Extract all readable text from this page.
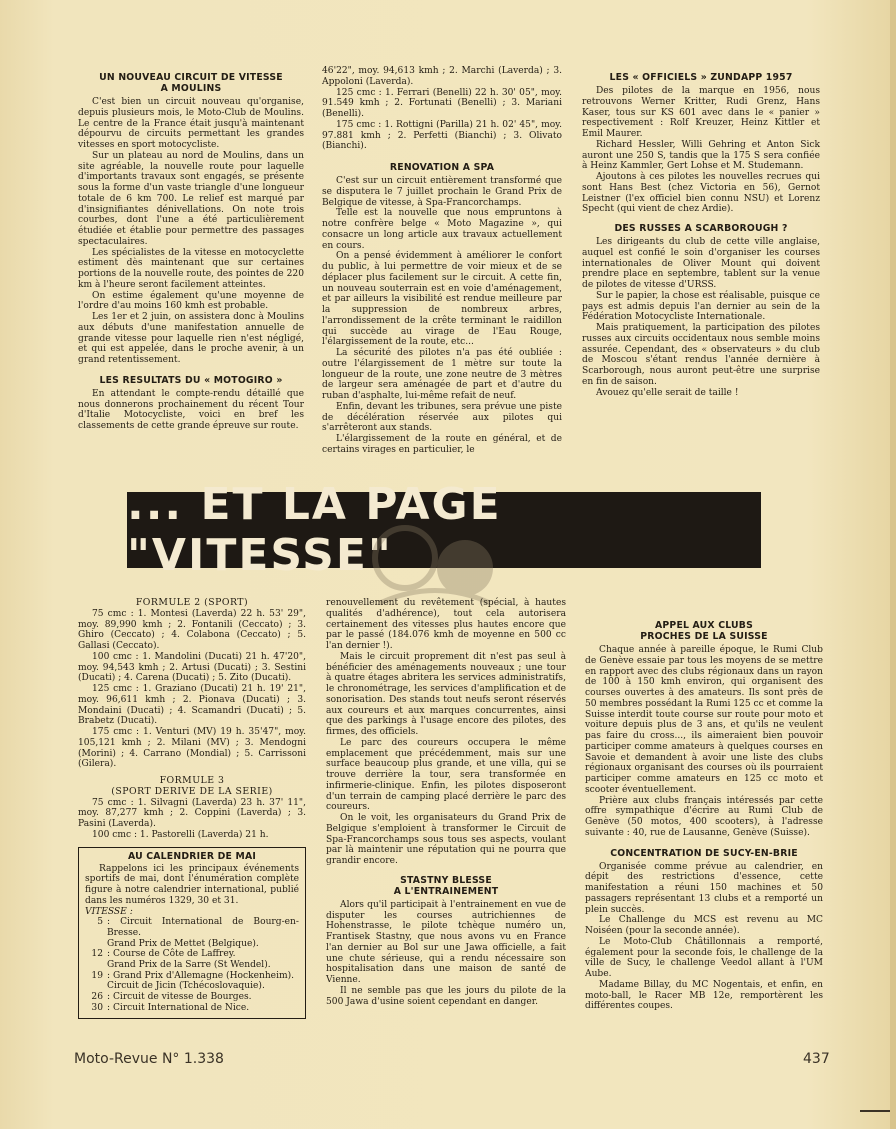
UN NOUVEAU CIRCUIT DE VITESSE
A MOULINS

C'est bien un circuit nouveau qu'organise, depuis plusieurs mois, le Moto-Club de Moulins. Le centre de la France était jusqu'à maintenant dépourvu de circuits permettant les grandes vitesses en sport motocycliste.

Sur un plateau au nord de Moulins, dans un site agréable, la nouvelle route pour laquelle d'importants travaux sont engagés, se présente sous la forme d'un vaste triangle d'une longueur totale de 6 km 700. Le relief est marqué par d'insignifiantes dénivellations. On note trois courbes, dont l'une a été particulièrement étudiée et établie pour permettre des passages spectaculaires.

Les spécialistes de la vitesse en motocyclette estiment dès maintenant que sur certaines portions de la nouvelle route, des pointes de 220 km à l'heure seront facilement atteintes.

On estime également qu'une moyenne de l'ordre d'au moins 160 kmh est probable.

Les 1er et 2 juin, on assistera donc à Moulins aux débuts d'une manifestation annuelle de grande vitesse pour laquelle rien n'est négligé, et qui est appelée, dans le proche avenir, à un grand retentissement.

LES RESULTATS DU « MOTOGIRO »

En attendant le compte-rendu détaillé que nous donnerons prochainement du récent Tour d'Italie Motocycliste, voici en bref les classements de cette grande épreuve sur route.

46'22", moy. 94,613 kmh ; 2. Marchi (Laverda) ; 3. Appoloni (Laverda).

125 cmc : 1. Ferrari (Benelli) 22 h. 30' 05", moy. 91.549 kmh ; 2. Fortunati (Benelli) ; 3. Mariani (Benelli).

175 cmc : 1. Rottigni (Parilla) 21 h. 02' 45", moy. 97.881 kmh ; 2. Perfetti (Bianchi) ; 3. Olivato (Bianchi).

RENOVATION A SPA

C'est sur un circuit entièrement transformé que se disputera le 7 juillet prochain le Grand Prix de Belgique de vitesse, à Spa-Francorchamps.

Telle est la nouvelle que nous empruntons à notre confrère belge « Moto Magazine », qui consacre un long article aux travaux actuellement en cours.

On a pensé évidemment à améliorer le confort du public, à lui permettre de voir mieux et de se déplacer plus facilement sur le circuit. A cette fin, un nouveau souterrain est en voie d'aménagement, et par ailleurs la visibilité est rendue meilleure par la suppression de nombreux arbres, l'arrondissement de la crête terminant le raidillon qui succède au virage de l'Eau Rouge, l'élargissement de la route, etc...

La sécurité des pilotes n'a pas été oubliée : outre l'élargissement de 1 mètre sur toute la longueur de la route, une zone neutre de 3 mètres de largeur sera aménagée de part et d'autre du ruban d'asphalte, lui-même refait de neuf.

Enfin, devant les tribunes, sera prévue une piste de décélération réservée aux pilotes qui s'arrêteront aux stands.

L'élargissement de la route en général, et de certains virages en particulier, le

LES « OFFICIELS » ZUNDAPP 1957

Des pilotes de la marque en 1956, nous retrouvons Werner Kritter, Rudi Grenz, Hans Kaser, tous sur KS 601 avec dans le « panier » respectivement : Rolf Kreuzer, Heinz Kittler et Emil Maurer.

Richard Hessler, Willi Gehring et Anton Sick auront une 250 S, tandis que la 175 S sera confiée à Heinz Kammler, Gert Lohse et M. Studemann.

Ajoutons à ces pilotes les nouvelles recrues qui sont Hans Best (chez Victoria en 56), Gernot Leistner (l'ex officiel bien connu NSU) et Lorenz Specht (qui vient de chez Ardie).

DES RUSSES A SCARBOROUGH ?

Les dirigeants du club de cette ville anglaise, auquel est confié le soin d'organiser les courses internationales de Oliver Mount qui doivent prendre place en septembre, tablent sur la venue de pilotes de vitesse d'URSS.

Sur le papier, la chose est réalisable, puisque ce pays est admis depuis l'an dernier au sein de la Fédération Motocycliste Internationale.

Mais pratiquement, la participation des pilotes russes aux circuits occidentaux nous semble moins assurée. Cependant, des « observateurs » du club de Moscou s'étant rendus l'année dernière à Scarborough, nous auront peut-être une surprise en fin de saison.

Avouez qu'elle serait de taille !

... ET LA PAGE "VITESSE"
FORMULE 2 (SPORT)

75 cmc : 1. Montesi (Laverda) 22 h. 53' 29", moy. 89,990 kmh ; 2. Fontanili (Ceccato) ; 3. Ghiro (Ceccato) ; 4. Colabona (Ceccato) ; 5. Gallasi (Ceccato).

100 cmc : 1. Mandolini (Ducati) 21 h. 47'20", moy. 94,543 kmh ; 2. Artusi (Ducati) ; 3. Sestini (Ducati) ; 4. Carena (Ducati) ; 5. Zito (Ducati).

125 cmc : 1. Graziano (Ducati) 21 h. 19' 21", moy. 96,611 kmh ; 2. Pionava (Ducati) ; 3. Mondaini (Ducati) ; 4. Scamandri (Ducati) ; 5. Brabetz (Ducati).

175 cmc : 1. Venturi (MV) 19 h. 35'47", moy. 105,121 kmh ; 2. Milani (MV) ; 3. Mendogni (Morini) ; 4. Carrano (Mondial) ; 5. Carrissoni (Gilera).

FORMULE 3
(SPORT DERIVE DE LA SERIE)

75 cmc : 1. Silvagni (Laverda) 23 h. 37' 11", moy. 87,277 kmh ; 2. Coppini (Laverda) ; 3. Pasini (Laverda).

100 cmc : 1. Pastorelli (Laverda) 21 h.

AU CALENDRIER DE MAI

Rappelons ici les principaux événements sportifs de mai, dont l'énumération complète figure à notre calendrier international, publié dans les numéros 1329, 30 et 31.

VITESSE :
5 : Circuit International de Bourg-en-Bresse.
Grand Prix de Mettet (Belgique).
12 : Course de Côte de Laffrey.
Grand Prix de la Sarre (St Wendel).
19 : Grand Prix d'Allemagne (Hockenheim).
Circuit de Jicin (Tchécoslovaquie).
26 : Circuit de vitesse de Bourges.
30 : Circuit International de Nice.

renouvellement du revêtement (spécial, à hautes qualités d'adhérence), tout cela autorisera certainement des vitesses plus hautes encore que par le passé (184.076 kmh de moyenne en 500 cc l'an dernier !).

Mais le circuit proprement dit n'est pas seul à bénéficier des aménagements nouveaux ; une tour à quatre étages abritera les services administratifs, le chronométrage, les services d'amplification et de sonorisation. Des stands tout neufs seront réservés aux coureurs et aux marques concurrentes, ainsi que des parkings à l'usage encore des pilotes, des firmes, des officiels.

Le parc des coureurs occupera le même emplacement que précédemment, mais sur une surface beaucoup plus grande, et une villa, qui se trouve derrière la tour, sera transformée en infirmerie-clinique. Enfin, les pilotes disposeront d'un terrain de camping placé derrière le parc des coureurs.

On le voit, les organisateurs du Grand Prix de Belgique s'emploient à transformer le Circuit de Spa-Francorchamps sous tous ses aspects, voulant par là maintenir une réputation qui ne pourra que grandir encore.

STASTNY BLESSE
A L'ENTRAINEMENT

Alors qu'il participait à l'entrainement en vue de disputer les courses autrichiennes de Hohenstrasse, le pilote tchèque numéro un, Frantisek Stastny, que nous avons vu en France l'an dernier au Bol sur une Jawa officielle, a fait une chute sérieuse, qui a rendu nécessaire son hospitalisation dans une maison de santé de Vienne.

Il ne semble pas que les jours du pilote de la 500 Jawa d'usine soient cependant en danger.

APPEL AUX CLUBS
PROCHES DE LA SUISSE

Chaque année à pareille époque, le Rumi Club de Genève essaie par tous les moyens de se mettre en rapport avec des clubs régionaux dans un rayon de 100 à 150 kmh environ, qui organisent des courses ouvertes à des amateurs. Ils sont près de 50 membres possédant la Rumi 125 cc et comme la Suisse interdit toute course sur route pour moto et voiture depuis plus de 3 ans, et qu'ils ne veulent pas faire du cross..., ils aimeraient bien pouvoir participer comme amateurs à quelques courses en Savoie et demandent à avoir une liste des clubs régionaux organisant des courses où ils pourraient participer comme amateurs en 125 cc moto et scooter éventuellement.

Prière aux clubs français intéressés par cette offre sympathique d'écrire au Rumi Club de Genève (50 motos, 400 scooters), à l'adresse suivante : 40, rue de Lausanne, Genève (Suisse).

CONCENTRATION DE SUCY-EN-BRIE

Organisée comme prévue au calendrier, en dépit des restrictions d'essence, cette manifestation a réuni 150 machines et 50 passagers représentant 13 clubs et a remporté un plein succès.

Le Challenge du MCS est revenu au MC Noiséen (pour la seconde année).

Le Moto-Club Châtillonnais a remporté, également pour la seconde fois, le challenge de la ville de Sucy, le challenge Veedol allant à l'UM Aube.

Madame Billay, du MC Nogentais, et enfin, en moto-ball, le Racer MB 12e, remportèrent les différentes coupes.

Moto-Revue N° 1.338	437
